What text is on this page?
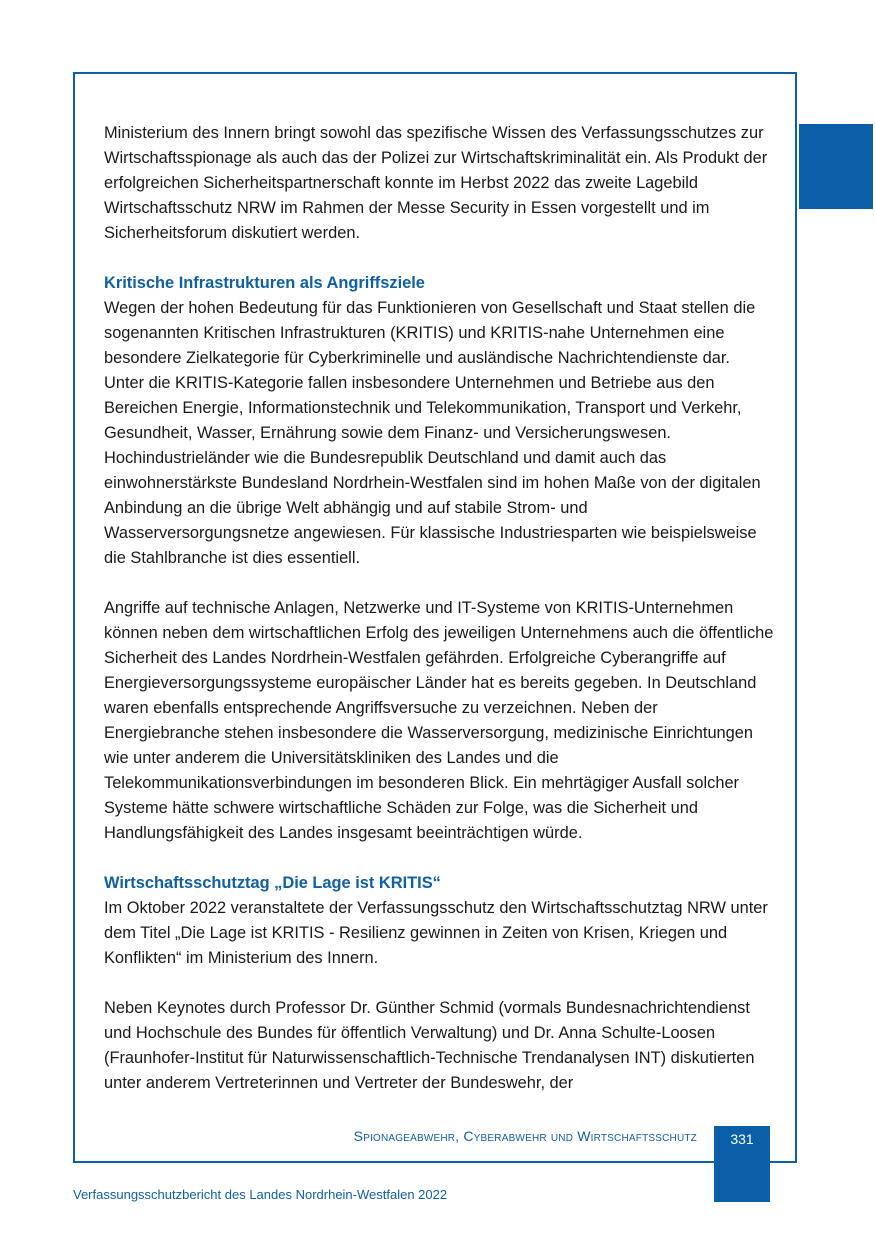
Ministerium des Innern bringt sowohl das spezifische Wissen des Verfassungsschutzes zur Wirtschaftsspionage als auch das der Polizei zur Wirtschaftskriminalität ein. Als Produkt der erfolgreichen Sicherheitspartnerschaft konnte im Herbst 2022 das zweite Lagebild Wirtschaftsschutz NRW im Rahmen der Messe Security in Essen vorgestellt und im Sicherheitsforum diskutiert werden.

Kritische Infrastrukturen als Angriffsziele

Wegen der hohen Bedeutung für das Funktionieren von Gesellschaft und Staat stellen die sogenannten Kritischen Infrastrukturen (KRITIS) und KRITIS-nahe Unternehmen eine besondere Zielkategorie für Cyberkriminelle und ausländische Nachrichtendienste dar. Unter die KRITIS-Kategorie fallen insbesondere Unternehmen und Betriebe aus den Bereichen Energie, Informationstechnik und Telekommunikation, Transport und Verkehr, Gesundheit, Wasser, Ernährung sowie dem Finanz- und Versicherungswesen. Hochindustrieländer wie die Bundesrepublik Deutschland und damit auch das einwohnerstärkste Bundesland Nordrhein-Westfalen sind im hohen Maße von der digitalen Anbindung an die übrige Welt abhängig und auf stabile Strom- und Wasserversorgungsnetze angewiesen. Für klassische Industriesparten wie beispielsweise die Stahlbranche ist dies essentiell.

Angriffe auf technische Anlagen, Netzwerke und IT-Systeme von KRITIS-Unternehmen können neben dem wirtschaftlichen Erfolg des jeweiligen Unternehmens auch die öffentliche Sicherheit des Landes Nordrhein-Westfalen gefährden. Erfolgreiche Cyberangriffe auf Energieversorgungssysteme europäischer Länder hat es bereits gegeben. In Deutschland waren ebenfalls entsprechende Angriffsversuche zu verzeichnen. Neben der Energiebranche stehen insbesondere die Wasserversorgung, medizinische Einrichtungen wie unter anderem die Universitätskliniken des Landes und die Telekommunikationsverbindungen im besonderen Blick. Ein mehrtägiger Ausfall solcher Systeme hätte schwere wirtschaftliche Schäden zur Folge, was die Sicherheit und Handlungsfähigkeit des Landes insgesamt beeinträchtigen würde.

Wirtschaftsschutztag „Die Lage ist KRITIS“

Im Oktober 2022 veranstaltete der Verfassungsschutz den Wirtschaftsschutztag NRW unter dem Titel „Die Lage ist KRITIS - Resilienz gewinnen in Zeiten von Krisen, Kriegen und Konflikten“ im Ministerium des Innern.

Neben Keynotes durch Professor Dr. Günther Schmid (vormals Bundesnachrichtendienst und Hochschule des Bundes für öffentlich Verwaltung) und Dr. Anna Schulte-Loosen (Fraunhofer-Institut für Naturwissenschaftlich-Technische Trendanalysen INT) diskutierten unter anderem Vertreterinnen und Vertreter der Bundeswehr, der

Spionageabwehr, Cyberabwehr und Wirtschaftsschutz	331
Verfassungsschutzbericht des Landes Nordrhein-Westfalen 2022
